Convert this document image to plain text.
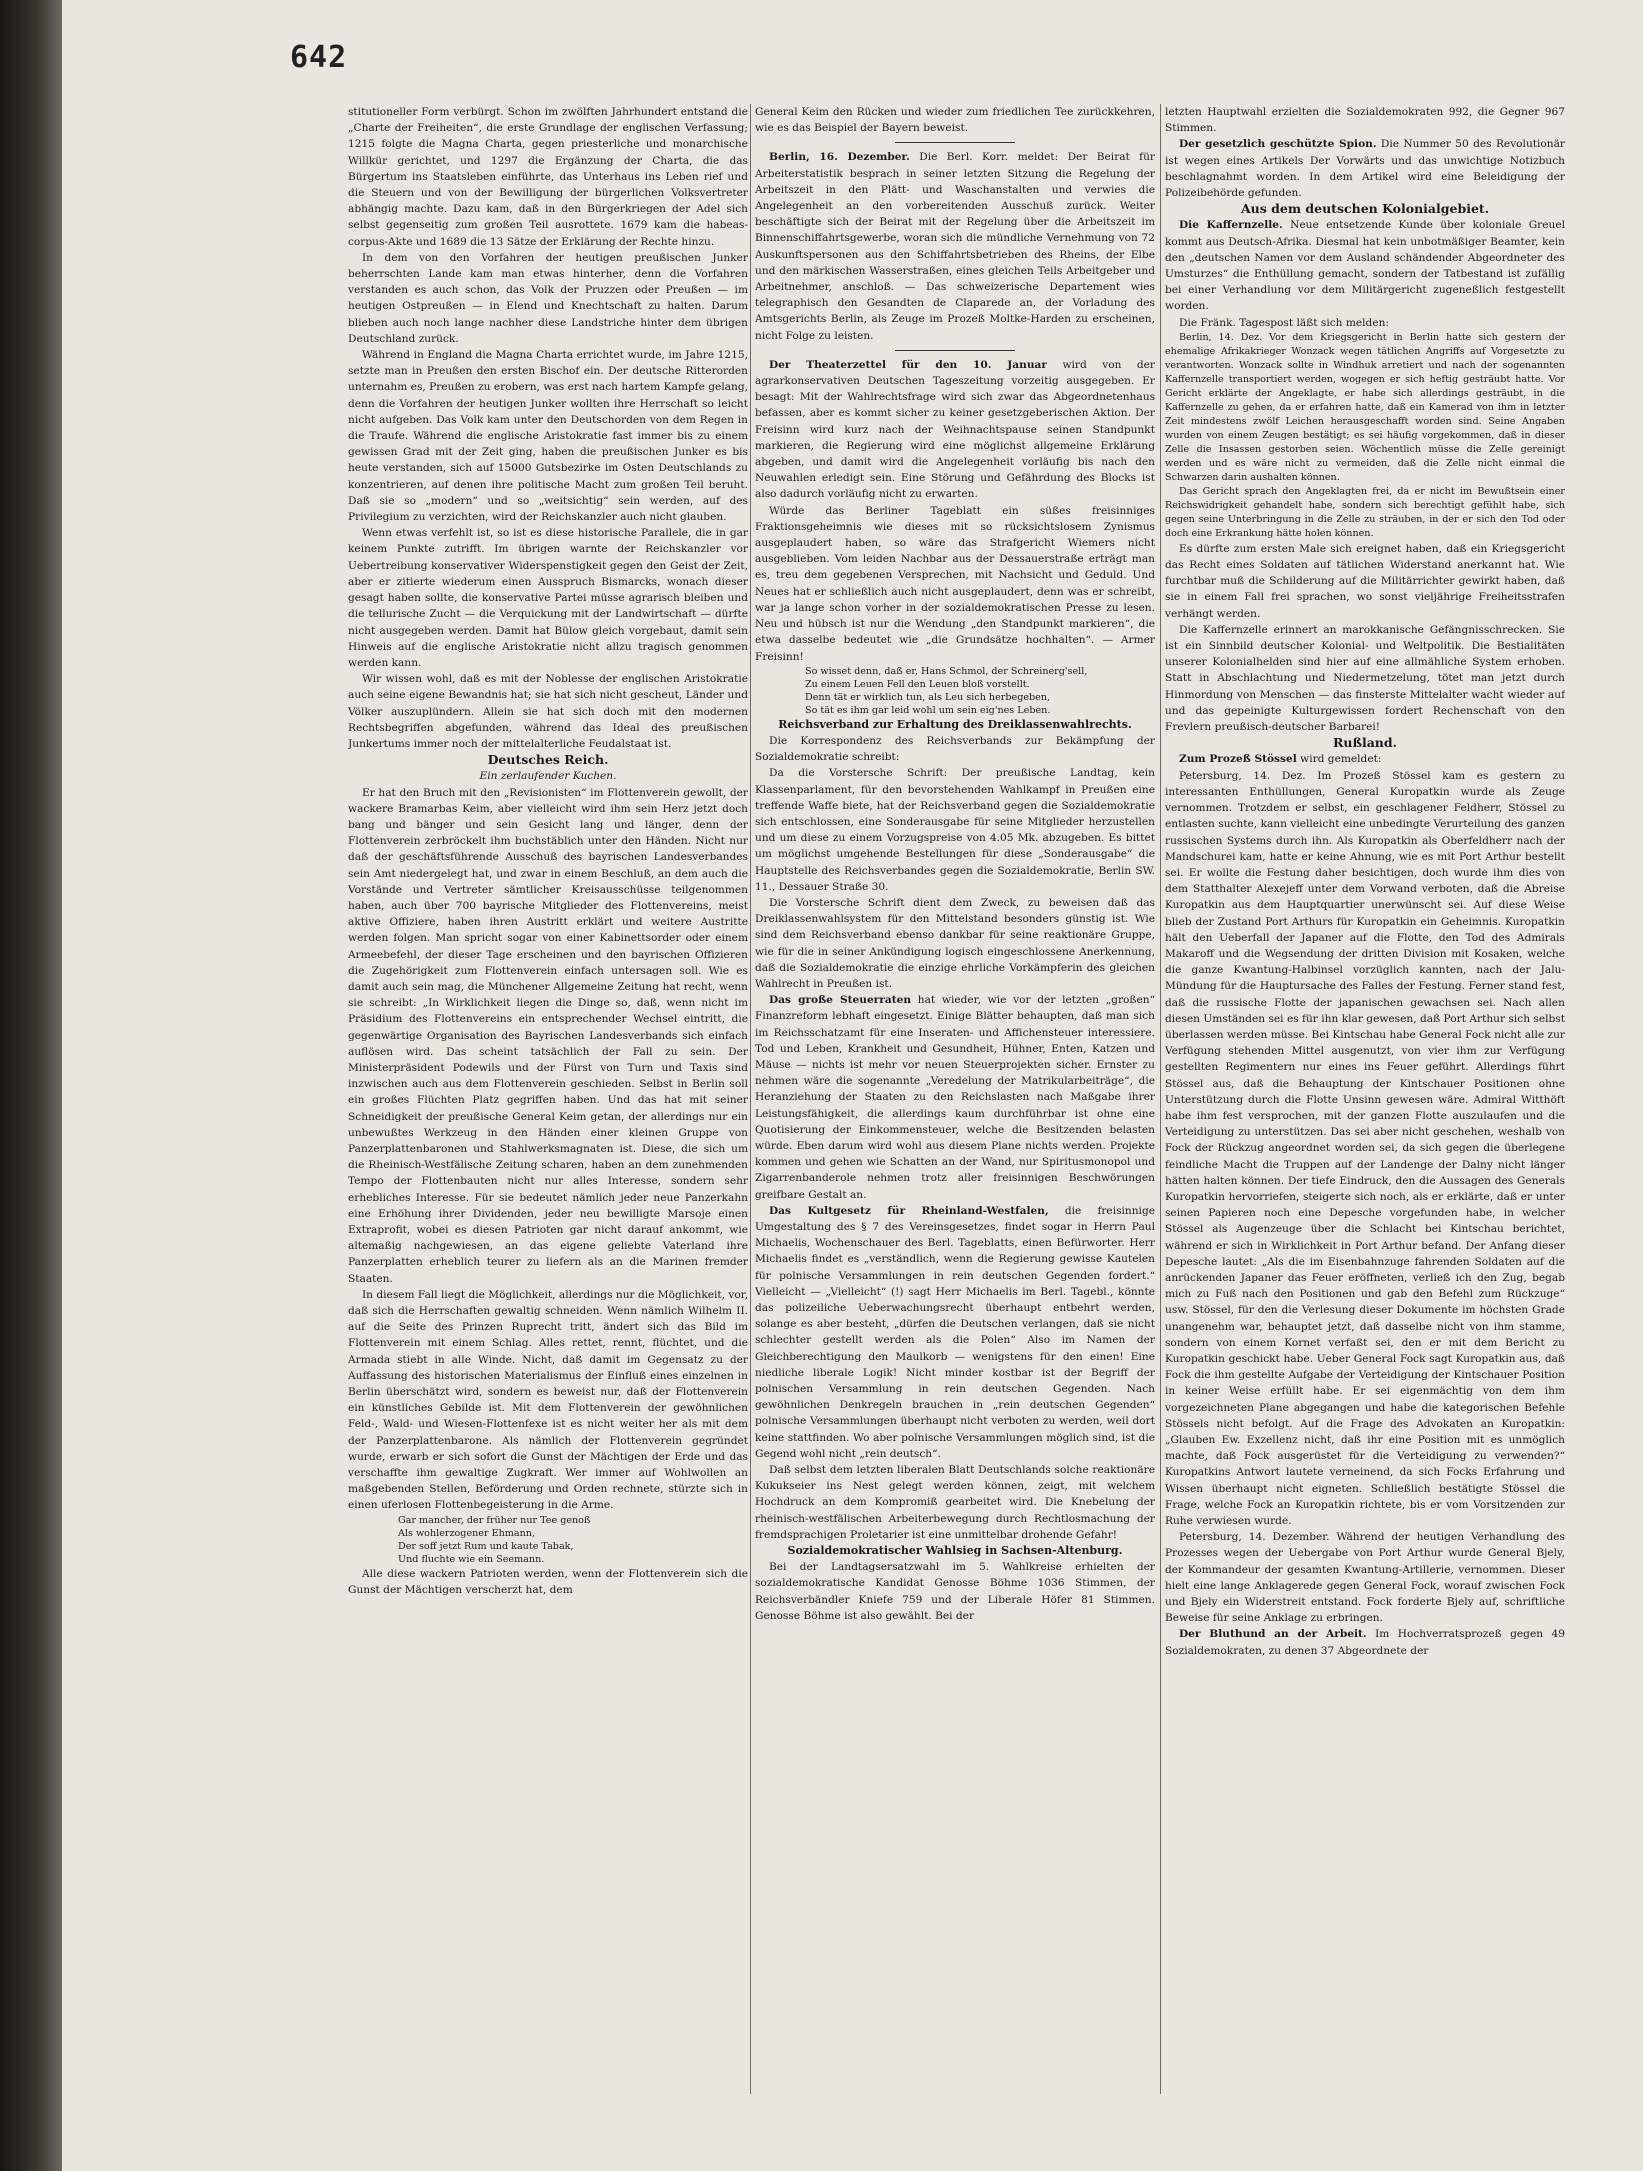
642

stitutioneller Form verbürgt. Schon im zwölften Jahrhundert entstand die „Charte der Freiheiten“, die erste Grundlage der englischen Verfassung; 1215 folgte die Magna Charta, gegen priesterliche und monarchische Willkür gerichtet, und 1297 die Ergänzung der Charta, die das Bürgertum ins Staatsleben einführte, das Unterhaus ins Leben rief und die Steuern und von der Bewilligung der bürgerlichen Volksvertreter abhängig machte. Dazu kam, daß in den Bürgerkriegen der Adel sich selbst gegenseitig zum großen Teil ausrottete. 1679 kam die habeas-corpus-Akte und 1689 die 13 Sätze der Erklärung der Rechte hinzu.

In dem von den Vorfahren der heutigen preußischen Junker beherrschten Lande kam man etwas hinterher, denn die Vorfahren verstanden es auch schon, das Volk der Pruzzen oder Preußen — im heutigen Ostpreußen — in Elend und Knechtschaft zu halten. Darum blieben auch noch lange nachher diese Landstriche hinter dem übrigen Deutschland zurück.

Während in England die Magna Charta errichtet wurde, im Jahre 1215, setzte man in Preußen den ersten Bischof ein. Der deutsche Ritterorden unternahm es, Preußen zu erobern, was erst nach hartem Kampfe gelang, denn die Vorfahren der heutigen Junker wollten ihre Herrschaft so leicht nicht aufgeben. Das Volk kam unter den Deutschorden von dem Regen in die Traufe. Während die englische Aristokratie fast immer bis zu einem gewissen Grad mit der Zeit ging, haben die preußischen Junker es bis heute verstanden, sich auf 15000 Gutsbezirke im Osten Deutschlands zu konzentrieren, auf denen ihre politische Macht zum großen Teil beruht. Daß sie so „modern“ und so „weitsichtig“ sein werden, auf des Privilegium zu verzichten, wird der Reichskanzler auch nicht glauben.

Wenn etwas verfehlt ist, so ist es diese historische Parallele, die in gar keinem Punkte zutrifft. Im übrigen warnte der Reichskanzler vor Uebertreibung konservativer Widerspenstigkeit gegen den Geist der Zeit, aber er zitierte wiederum einen Ausspruch Bismarcks, wonach dieser gesagt haben sollte, die konservative Partei müsse agrarisch bleiben und die tellurische Zucht — die Verquickung mit der Landwirtschaft — dürfte nicht ausgegeben werden. Damit hat Bülow gleich vorgebaut, damit sein Hinweis auf die englische Aristokratie nicht allzu tragisch genommen werden kann.

Wir wissen wohl, daß es mit der Noblesse der englischen Aristokratie auch seine eigene Bewandnis hat; sie hat sich nicht gescheut, Länder und Völker auszuplündern. Allein sie hat sich doch mit den modernen Rechtsbegriffen abgefunden, während das Ideal des preußischen Junkertums immer noch der mittelalterliche Feudalstaat ist.

Deutsches Reich.

Ein zerlaufender Kuchen.

Er hat den Bruch mit den „Revisionisten“ im Flottenverein gewollt, der wackere Bramarbas Keim, aber vielleicht wird ihm sein Herz jetzt doch bang und bänger und sein Gesicht lang und länger, denn der Flottenverein zerbröckelt ihm buchstäblich unter den Händen. Nicht nur daß der geschäftsführende Ausschuß des bayrischen Landesverbandes sein Amt niedergelegt hat, und zwar in einem Beschluß, an dem auch die Vorstände und Vertreter sämtlicher Kreisausschüsse teilgenommen haben, auch über 700 bayrische Mitglieder des Flottenvereins, meist aktive Offiziere, haben ihren Austritt erklärt und weitere Austritte werden folgen. Man spricht sogar von einer Kabinettsorder oder einem Armeebefehl, der dieser Tage erscheinen und den bayrischen Offizieren die Zugehörigkeit zum Flottenverein einfach untersagen soll. Wie es damit auch sein mag, die Münchener Allgemeine Zeitung hat recht, wenn sie schreibt: „In Wirklichkeit liegen die Dinge so, daß, wenn nicht im Präsidium des Flottenvereins ein entsprechender Wechsel eintritt, die gegenwärtige Organisation des Bayrischen Landesverbands sich einfach auflösen wird. Das scheint tatsächlich der Fall zu sein. Der Ministerpräsident Podewils und der Fürst von Turn und Taxis sind inzwischen auch aus dem Flottenverein geschieden. Selbst in Berlin soll ein großes Flüchten Platz gegriffen haben. Und das hat mit seiner Schneidigkeit der preußische General Keim getan, der allerdings nur ein unbewußtes Werkzeug in den Händen einer kleinen Gruppe von Panzerplattenbaronen und Stahlwerksmagnaten ist. Diese, die sich um die Rheinisch-Westfälische Zeitung scharen, haben an dem zunehmenden Tempo der Flottenbauten nicht nur alles Interesse, sondern sehr erhebliches Interesse. Für sie bedeutet nämlich jeder neue Panzerkahn eine Erhöhung ihrer Dividenden, jeder neu bewilligte Marsoje einen Extraprofit, wobei es diesen Patrioten gar nicht darauf ankommt, wie altemaßig nachgewiesen, an das eigene geliebte Vaterland ihre Panzerplatten erheblich teurer zu liefern als an die Marinen fremder Staaten.

In diesem Fall liegt die Möglichkeit, allerdings nur die Möglichkeit, vor, daß sich die Herrschaften gewaltig schneiden. Wenn nämlich Wilhelm II. auf die Seite des Prinzen Ruprecht tritt, ändert sich das Bild im Flottenverein mit einem Schlag. Alles rettet, rennt, flüchtet, und die Armada stiebt in alle Winde. Nicht, daß damit im Gegensatz zu der Auffassung des historischen Materialismus der Einfluß eines einzelnen in Berlin überschätzt wird, sondern es beweist nur, daß der Flottenverein ein künstliches Gebilde ist. Mit dem Flottenverein der gewöhnlichen Feld-, Wald- und Wiesen-Flottenfexe ist es nicht weiter her als mit dem der Panzerplattenbarone. Als nämlich der Flottenverein gegründet wurde, erwarb er sich sofort die Gunst der Mächtigen der Erde und das verschaffte ihm gewaltige Zugkraft. Wer immer auf Wohlwollen an maßgebenden Stellen, Beförderung und Orden rechnete, stürzte sich in einen uferlosen Flottenbegeisterung in die Arme.

Gar mancher, der früher nur Tee genoß

Als wohlerzogener Ehmann,

Der soff jetzt Rum und kaute Tabak,

Und fluchte wie ein Seemann.

Alle diese wackern Patrioten werden, wenn der Flottenverein sich die Gunst der Mächtigen verscherzt hat, dem

General Keim den Rücken und wieder zum friedlichen Tee zurückkehren, wie es das Beispiel der Bayern beweist.

Berlin, 16. Dezember. Die Berl. Korr. meldet: Der Beirat für Arbeiterstatistik besprach in seiner letzten Sitzung die Regelung der Arbeitszeit in den Plätt- und Waschanstalten und verwies die Angelegenheit an den vorbereitenden Ausschuß zurück. Weiter beschäftigte sich der Beirat mit der Regelung über die Arbeitszeit im Binnenschiffahrtsgewerbe, woran sich die mündliche Vernehmung von 72 Auskunftspersonen aus den Schiffahrtsbetrieben des Rheins, der Elbe und den märkischen Wasserstraßen, eines gleichen Teils Arbeitgeber und Arbeitnehmer, anschloß. — Das schweizerische Departement wies telegraphisch den Gesandten de Claparede an, der Vorladung des Amtsgerichts Berlin, als Zeuge im Prozeß Moltke-Harden zu erscheinen, nicht Folge zu leisten.

Der Theaterzettel für den 10. Januar wird von der agrarkonservativen Deutschen Tageszeitung vorzeitig ausgegeben. Er besagt: Mit der Wahlrechtsfrage wird sich zwar das Abgeordnetenhaus befassen, aber es kommt sicher zu keiner gesetzgeberischen Aktion. Der Freisinn wird kurz nach der Weihnachtspause seinen Standpunkt markieren, die Regierung wird eine möglichst allgemeine Erklärung abgeben, und damit wird die Angelegenheit vorläufig bis nach den Neuwahlen erledigt sein. Eine Störung und Gefährdung des Blocks ist also dadurch vorläufig nicht zu erwarten.

Würde das Berliner Tageblatt ein süßes freisinniges Fraktionsgeheimnis wie dieses mit so rücksichtslosem Zynismus ausgeplaudert haben, so wäre das Strafgericht Wiemers nicht ausgeblieben. Vom leiden Nachbar aus der Dessauerstraße erträgt man es, treu dem gegebenen Versprechen, mit Nachsicht und Geduld. Und Neues hat er schließlich auch nicht ausgeplaudert, denn was er schreibt, war ja lange schon vorher in der sozialdemokratischen Presse zu lesen. Neu und hübsch ist nur die Wendung „den Standpunkt markieren“, die etwa dasselbe bedeutet wie „die Grundsätze hochhalten“. — Armer Freisinn!

So wisset denn, daß er, Hans Schmol, der Schreinerg'sell,

Zu einem Leuen Fell den Leuen bloß vorstellt.

Denn tät er wirklich tun, als Leu sich herbegeben,

So tät es ihm gar leid wohl um sein eig'nes Leben.

Reichsverband zur Erhaltung des Dreiklassenwahlrechts.

Die Korrespondenz des Reichsverbands zur Bekämpfung der Sozialdemokratie schreibt:

Da die Vorstersche Schrift: Der preußische Landtag, kein Klassenparlament, für den bevorstehenden Wahlkampf in Preußen eine treffende Waffe biete, hat der Reichsverband gegen die Sozialdemokratie sich entschlossen, eine Sonderausgabe für seine Mitglieder herzustellen und um diese zu einem Vorzugspreise von 4.05 Mk. abzugeben. Es bittet um möglichst umgehende Bestellungen für diese „Sonderausgabe“ die Hauptstelle des Reichsverbandes gegen die Sozialdemokratie, Berlin SW. 11., Dessauer Straße 30.

Die Vorstersche Schrift dient dem Zweck, zu beweisen daß das Dreiklassenwahlsystem für den Mittelstand besonders günstig ist. Wie sind dem Reichsverband ebenso dankbar für seine reaktionäre Gruppe, wie für die in seiner Ankündigung logisch eingeschlossene Anerkennung, daß die Sozialdemokratie die einzige ehrliche Vorkämpferin des gleichen Wahlrecht in Preußen ist.

Das große Steuerraten hat wieder, wie vor der letzten „großen“ Finanzreform lebhaft eingesetzt. Einige Blätter behaupten, daß man sich im Reichsschatzamt für eine Inseraten- und Affichensteuer interessiere. Tod und Leben, Krankheit und Gesundheit, Hühner, Enten, Katzen und Mäuse — nichts ist mehr vor neuen Steuerprojekten sicher. Ernster zu nehmen wäre die sogenannte „Veredelung der Matrikularbeiträge“, die Heranziehung der Staaten zu den Reichslasten nach Maßgabe ihrer Leistungsfähigkeit, die allerdings kaum durchführbar ist ohne eine Quotisierung der Einkommensteuer, welche die Besitzenden belasten würde. Eben darum wird wohl aus diesem Plane nichts werden. Projekte kommen und gehen wie Schatten an der Wand, nur Spiritusmonopol und Zigarrenbanderole nehmen trotz aller freisinnigen Beschwörungen greifbare Gestalt an.

Das Kultgesetz für Rheinland-Westfalen, die freisinnige Umgestaltung des § 7 des Vereinsgesetzes, findet sogar in Herrn Paul Michaelis, Wochenschauer des Berl. Tageblatts, einen Befürworter. Herr Michaelis findet es „verständlich, wenn die Regierung gewisse Kautelen für polnische Versammlungen in rein deutschen Gegenden fordert.“ Vielleicht — „Vielleicht“ (!) sagt Herr Michaelis im Berl. Tagebl., könnte das polizeiliche Ueberwachungsrecht überhaupt entbehrt werden, solange es aber besteht, „dürfen die Deutschen verlangen, daß sie nicht schlechter gestellt werden als die Polen“ Also im Namen der Gleichberechtigung den Maulkorb — wenigstens für den einen! Eine niedliche liberale Logik! Nicht minder kostbar ist der Begriff der polnischen Versammlung in rein deutschen Gegenden. Nach gewöhnlichen Denkregeln brauchen in „rein deutschen Gegenden“ polnische Versammlungen überhaupt nicht verboten zu werden, weil dort keine stattfinden. Wo aber polnische Versammlungen möglich sind, ist die Gegend wohl nicht „rein deutsch“.

Daß selbst dem letzten liberalen Blatt Deutschlands solche reaktionäre Kukukseier ins Nest gelegt werden können, zeigt, mit welchem Hochdruck an dem Kompromiß gearbeitet wird. Die Knebelung der rheinisch-westfälischen Arbeiterbewegung durch Rechtlosmachung der fremdsprachigen Proletarier ist eine unmittelbar drohende Gefahr!

Sozialdemokratischer Wahlsieg in Sachsen-Altenburg.

Bei der Landtagsersatzwahl im 5. Wahlkreise erhielten der sozialdemokratische Kandidat Genosse Böhme 1036 Stimmen, der Reichsverbändler Kniefe 759 und der Liberale Höfer 81 Stimmen. Genosse Böhme ist also gewählt. Bei der

letzten Hauptwahl erzielten die Sozialdemokraten 992, die Gegner 967 Stimmen.

Der gesetzlich geschützte Spion. Die Nummer 50 des Revolutionär ist wegen eines Artikels Der Vorwärts und das unwichtige Notizbuch beschlagnahmt worden. In dem Artikel wird eine Beleidigung der Polizeibehörde gefunden.

Aus dem deutschen Kolonialgebiet.

Die Kaffernzelle. Neue entsetzende Kunde über koloniale Greuel kommt aus Deutsch-Afrika. Diesmal hat kein unbotmäßiger Beamter, kein den „deutschen Namen vor dem Ausland schändender Abgeordneter des Umsturzes“ die Enthüllung gemacht, sondern der Tatbestand ist zufällig bei einer Verhandlung vor dem Militärgericht zugeneßlich festgestellt worden.

Die Fränk. Tagespost läßt sich melden:

Berlin, 14. Dez. Vor dem Kriegsgericht in Berlin hatte sich gestern der ehemalige Afrikakrieger Wonzack wegen tätlichen Angriffs auf Vorgesetzte zu verantworten. Wonzack sollte in Windhuk arretiert und nach der sogenannten Kaffernzelle transportiert werden, wogegen er sich heftig gesträubt hatte. Vor Gericht erklärte der Angeklagte, er habe sich allerdings gesträubt, in die Kaffernzelle zu gehen, da er erfahren hatte, daß ein Kamerad von ihm in letzter Zeit mindestens zwölf Leichen herausgeschafft worden sind. Seine Angaben wurden von einem Zeugen bestätigt; es sei häufig vorgekommen, daß in dieser Zelle die Insassen gestorben seien. Wöchentlich müsse die Zelle gereinigt werden und es wäre nicht zu vermeiden, daß die Zelle nicht einmal die Schwarzen darin aushalten können.

Das Gericht sprach den Angeklagten frei, da er nicht im Bewußtsein einer Reichswidrigkeit gehandelt habe, sondern sich berechtigt gefühlt habe, sich gegen seine Unterbringung in die Zelle zu sträuben, in der er sich den Tod oder doch eine Erkrankung hätte holen können.

Es dürfte zum ersten Male sich ereignet haben, daß ein Kriegsgericht das Recht eines Soldaten auf tätlichen Widerstand anerkannt hat. Wie furchtbar muß die Schilderung auf die Militärrichter gewirkt haben, daß sie in einem Fall frei sprachen, wo sonst vieljährige Freiheitsstrafen verhängt werden.

Die Kaffernzelle erinnert an marokkanische Gefängnisschrecken. Sie ist ein Sinnbild deutscher Kolonial- und Weltpolitik. Die Bestialitäten unserer Kolonialhelden sind hier auf eine allmähliche System erhoben. Statt in Abschlachtung und Niedermetzelung, tötet man jetzt durch Hinmordung von Menschen — das finsterste Mittelalter wacht wieder auf und das gepeinigte Kulturgewissen fordert Rechenschaft von den Frevlern preußisch-deutscher Barbarei!

Rußland.

Zum Prozeß Stössel wird gemeldet:

Petersburg, 14. Dez. Im Prozeß Stössel kam es gestern zu interessanten Enthüllungen, General Kuropatkin wurde als Zeuge vernommen. Trotzdem er selbst, ein geschlagener Feldherr, Stössel zu entlasten suchte, kann vielleicht eine unbedingte Verurteilung des ganzen russischen Systems durch ihn. Als Kuropatkin als Oberfeldherr nach der Mandschurei kam, hatte er keine Ahnung, wie es mit Port Arthur bestellt sei. Er wollte die Festung daher besichtigen, doch wurde ihm dies von dem Statthalter Alexejeff unter dem Vorwand verboten, daß die Abreise Kuropatkin aus dem Hauptquartier unerwünscht sei. Auf diese Weise blieb der Zustand Port Arthurs für Kuropatkin ein Geheimnis. Kuropatkin hält den Ueberfall der Japaner auf die Flotte, den Tod des Admirals Makaroff und die Wegsendung der dritten Division mit Kosaken, welche die ganze Kwantung-Halbinsel vorzüglich kannten, nach der Jalu-Mündung für die Hauptursache des Falles der Festung. Ferner stand fest, daß die russische Flotte der japanischen gewachsen sei. Nach allen diesen Umständen sei es für ihn klar gewesen, daß Port Arthur sich selbst überlassen werden müsse. Bei Kintschau habe General Fock nicht alle zur Verfügung stehenden Mittel ausgenutzt, von vier ihm zur Verfügung gestellten Regimentern nur eines ins Feuer geführt. Allerdings führt Stössel aus, daß die Behauptung der Kintschauer Positionen ohne Unterstützung durch die Flotte Unsinn gewesen wäre. Admiral Witthöft habe ihm fest versprochen, mit der ganzen Flotte auszulaufen und die Verteidigung zu unterstützen. Das sei aber nicht geschehen, weshalb von Fock der Rückzug angeordnet worden sei, da sich gegen die überlegene feindliche Macht die Truppen auf der Landenge der Dalny nicht länger hätten halten können. Der tiefe Eindruck, den die Aussagen des Generals Kuropatkin hervorriefen, steigerte sich noch, als er erklärte, daß er unter seinen Papieren noch eine Depesche vorgefunden habe, in welcher Stössel als Augenzeuge über die Schlacht bei Kintschau berichtet, während er sich in Wirklichkeit in Port Arthur befand. Der Anfang dieser Depesche lautet: „Als die im Eisenbahnzuge fahrenden Soldaten auf die anrückenden Japaner das Feuer eröffneten, verließ ich den Zug, begab mich zu Fuß nach den Positionen und gab den Befehl zum Rückzuge“ usw. Stössel, für den die Verlesung dieser Dokumente im höchsten Grade unangenehm war, behauptet jetzt, daß dasselbe nicht von ihm stamme, sondern von einem Kornet verfaßt sei, den er mit dem Bericht zu Kuropatkin geschickt habe. Ueber General Fock sagt Kuropatkin aus, daß Fock die ihm gestellte Aufgabe der Verteidigung der Kintschauer Position in keiner Weise erfüllt habe. Er sei eigenmächtig von dem ihm vorgezeichneten Plane abgegangen und habe die kategorischen Befehle Stössels nicht befolgt. Auf die Frage des Advokaten an Kuropatkin: „Glauben Ew. Exzellenz nicht, daß ihr eine Position mit es unmöglich machte, daß Fock ausgerüstet für die Verteidigung zu verwenden?“ Kuropatkins Antwort lautete verneinend, da sich Focks Erfahrung und Wissen überhaupt nicht eigneten. Schließlich bestätigte Stössel die Frage, welche Fock an Kuropatkin richtete, bis er vom Vorsitzenden zur Ruhe verwiesen wurde.

Petersburg, 14. Dezember. Während der heutigen Verhandlung des Prozesses wegen der Uebergabe von Port Arthur wurde General Bjely, der Kommandeur der gesamten Kwantung-Artillerie, vernommen. Dieser hielt eine lange Anklagerede gegen General Fock, worauf zwischen Fock und Bjely ein Widerstreit entstand. Fock forderte Bjely auf, schriftliche Beweise für seine Anklage zu erbringen.

Der Bluthund an der Arbeit. Im Hochverratsprozeß gegen 49 Sozialdemokraten, zu denen 37 Abgeordnete der
